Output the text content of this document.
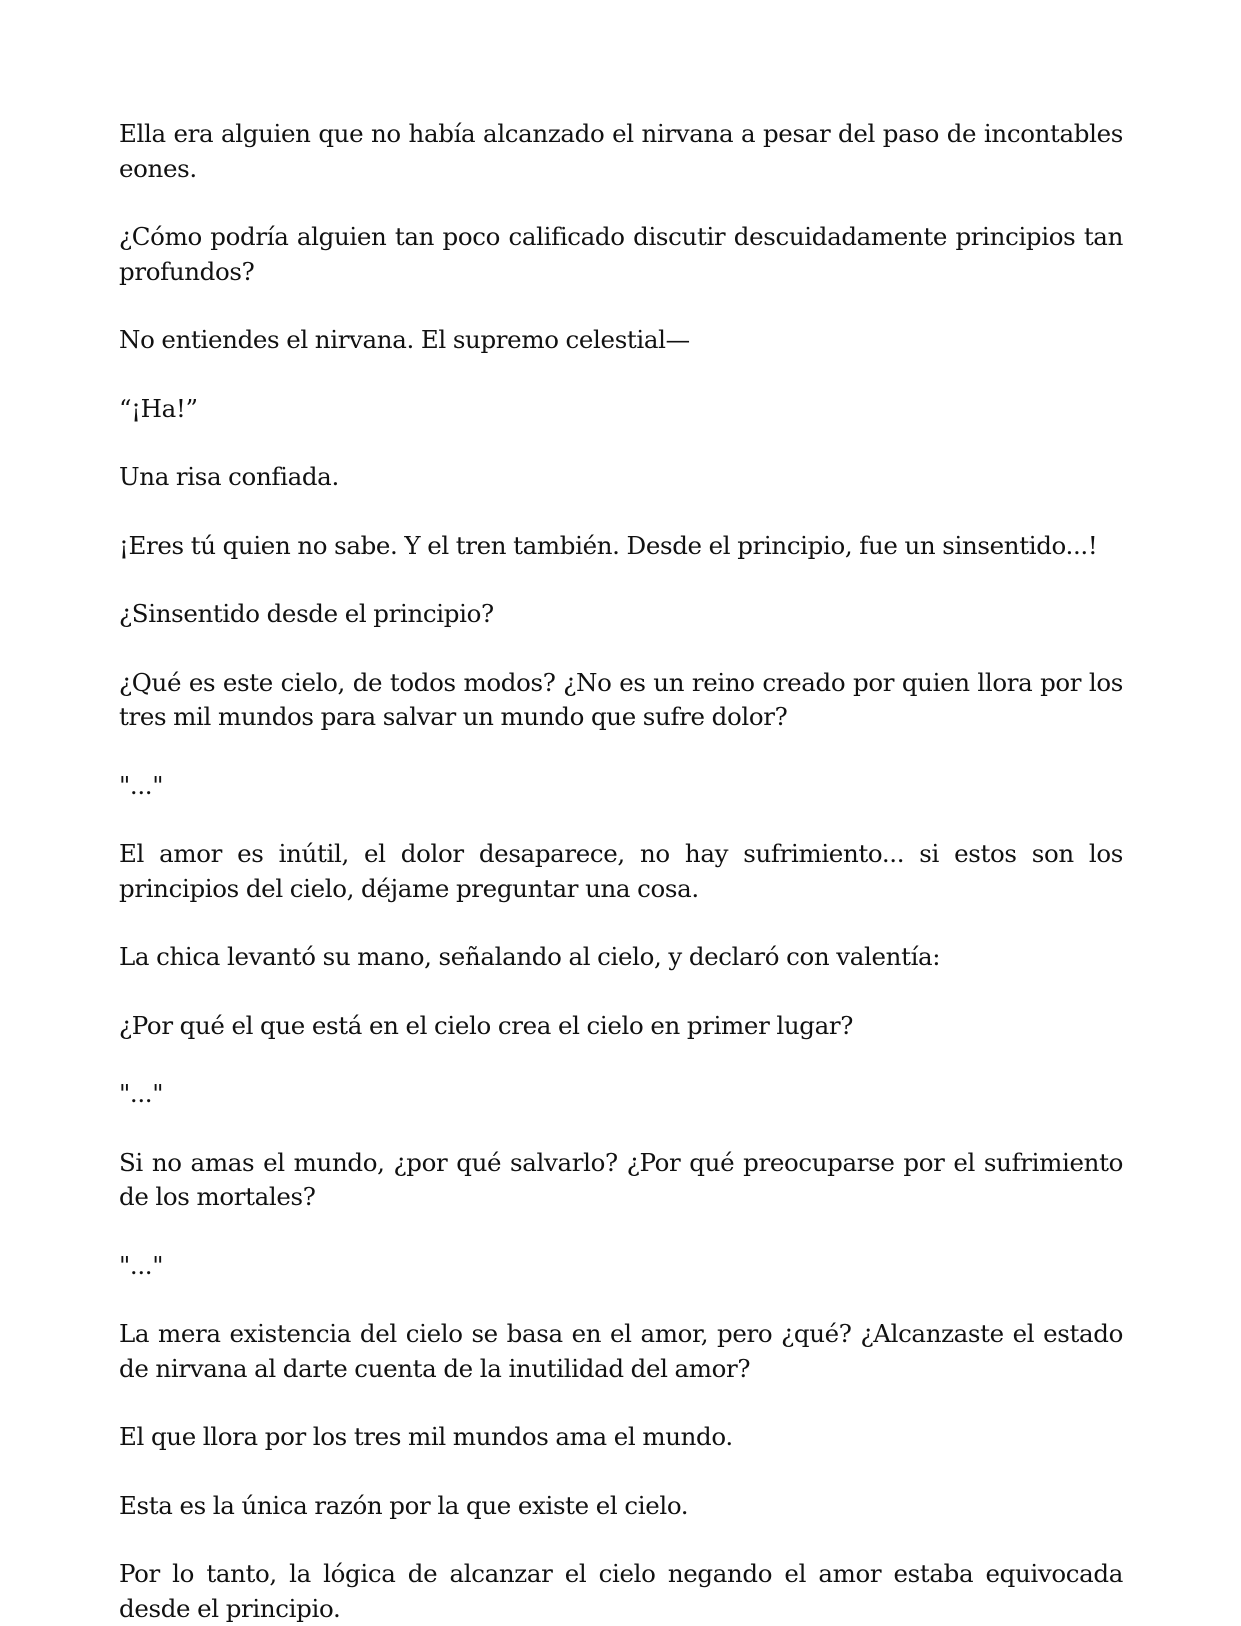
Ella era alguien que no había alcanzado el nirvana a pesar del paso de incontables eones.

¿Cómo podría alguien tan poco calificado discutir descuidadamente principios tan profundos?

No entiendes el nirvana. El supremo celestial—

“¡Ha!”

Una risa confiada.

¡Eres tú quien no sabe. Y el tren también. Desde el principio, fue un sinsentido...!

¿Sinsentido desde el principio?

¿Qué es este cielo, de todos modos? ¿No es un reino creado por quien llora por los tres mil mundos para salvar un mundo que sufre dolor?

"..."

El amor es inútil, el dolor desaparece, no hay sufrimiento... si estos son los principios del cielo, déjame preguntar una cosa.

La chica levantó su mano, señalando al cielo, y declaró con valentía:

¿Por qué el que está en el cielo crea el cielo en primer lugar?

"..."

Si no amas el mundo, ¿por qué salvarlo? ¿Por qué preocuparse por el sufrimiento de los mortales?

"..."

La mera existencia del cielo se basa en el amor, pero ¿qué? ¿Alcanzaste el estado de nirvana al darte cuenta de la inutilidad del amor?

El que llora por los tres mil mundos ama el mundo.

Esta es la única razón por la que existe el cielo.

Por lo tanto, la lógica de alcanzar el cielo negando el amor estaba equivocada desde el principio.
